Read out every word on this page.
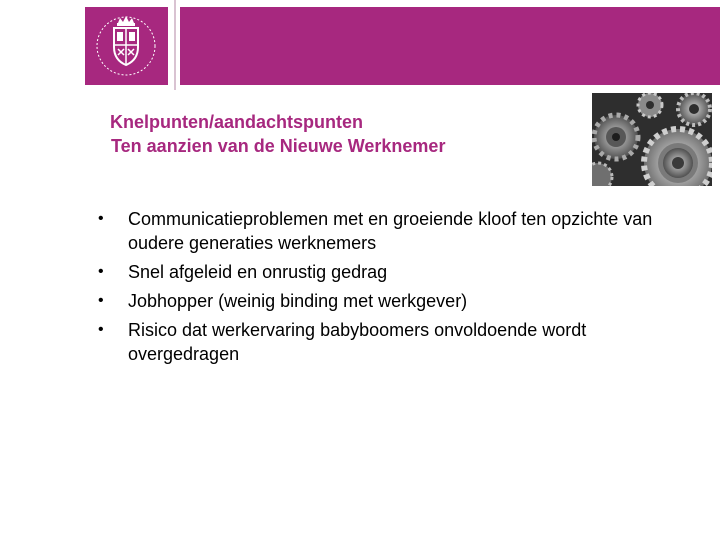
Knelpunten/aandachtspunten
Ten aanzien van de Nieuwe Werknemer
• Communicatieproblemen met en groeiende kloof ten opzichte van oudere generaties werknemers
• Snel afgeleid en onrustig gedrag
• Jobhopper (weinig binding met werkgever)
• Risico dat werkervaring babyboomers onvoldoende wordt overgedragen
